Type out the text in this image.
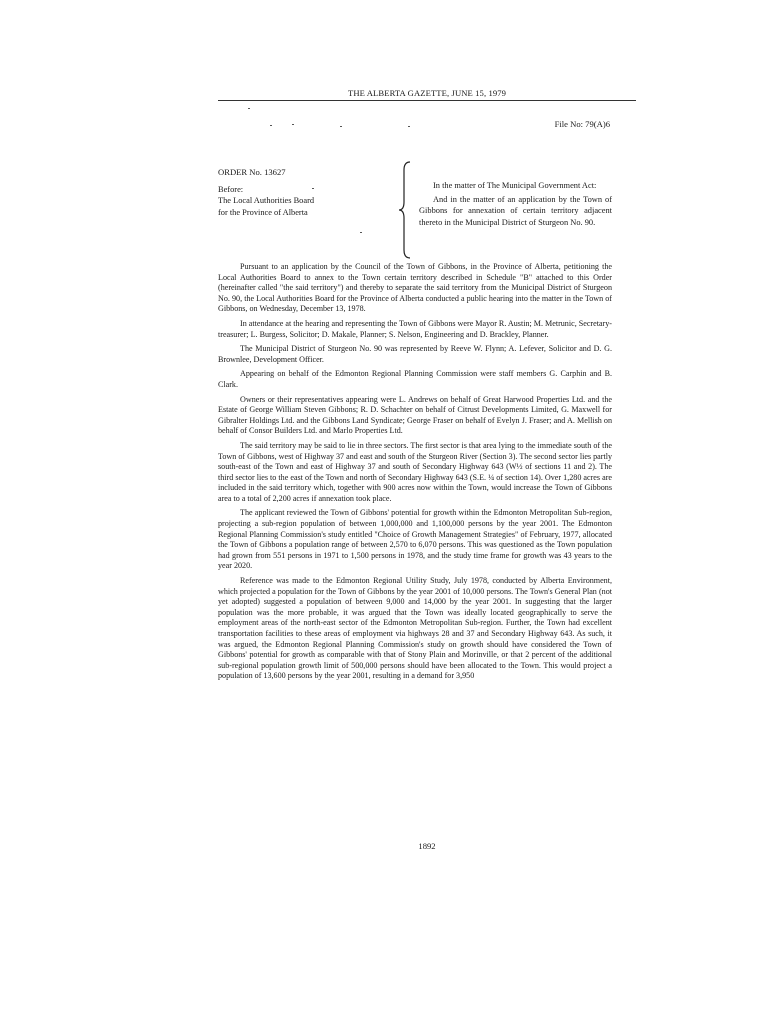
THE ALBERTA GAZETTE, JUNE 15, 1979
File No: 79(A)6
ORDER No. 13627
Before:
The Local Authorities Board
for the Province of Alberta

In the matter of The Municipal Government Act:

And in the matter of an application by the Town of Gibbons for annexation of certain territory adjacent thereto in the Municipal District of Sturgeon No. 90.

Pursuant to an application by the Council of the Town of Gibbons, in the Province of Alberta, petitioning the Local Authorities Board to annex to the Town certain territory described in Schedule "B" attached to this Order (hereinafter called "the said territory") and thereby to separate the said territory from the Municipal District of Sturgeon No. 90, the Local Authorities Board for the Province of Alberta conducted a public hearing into the matter in the Town of Gibbons, on Wednesday, December 13, 1978.

In attendance at the hearing and representing the Town of Gibbons were Mayor R. Austin; M. Metrunic, Secretary-treasurer; L. Burgess, Solicitor; D. Makale, Planner; S. Nelson, Engineering and D. Brackley, Planner.

The Municipal District of Sturgeon No. 90 was represented by Reeve W. Flynn; A. Lefever, Solicitor and D. G. Brownlee, Development Officer.

Appearing on behalf of the Edmonton Regional Planning Commission were staff members G. Carphin and B. Clark.

Owners or their representatives appearing were L. Andrews on behalf of Great Harwood Properties Ltd. and the Estate of George William Steven Gibbons; R. D. Schachter on behalf of Citrust Developments Limited, G. Maxwell for Gibralter Holdings Ltd. and the Gibbons Land Syndicate; George Fraser on behalf of Evelyn J. Fraser; and A. Mellish on behalf of Consor Builders Ltd. and Marlo Properties Ltd.

The said territory may be said to lie in three sectors. The first sector is that area lying to the immediate south of the Town of Gibbons, west of Highway 37 and east and south of the Sturgeon River (Section 3). The second sector lies partly south-east of the Town and east of Highway 37 and south of Secondary Highway 643 (W½ of sections 11 and 2). The third sector lies to the east of the Town and north of Secondary Highway 643 (S.E. ¼ of section 14). Over 1,280 acres are included in the said territory which, together with 900 acres now within the Town, would increase the Town of Gibbons area to a total of 2,200 acres if annexation took place.

The applicant reviewed the Town of Gibbons' potential for growth within the Edmonton Metropolitan Sub-region, projecting a sub-region population of between 1,000,000 and 1,100,000 persons by the year 2001. The Edmonton Regional Planning Commission's study entitled "Choice of Growth Management Strategies" of February, 1977, allocated the Town of Gibbons a population range of between 2,570 to 6,070 persons. This was questioned as the Town population had grown from 551 persons in 1971 to 1,500 persons in 1978, and the study time frame for growth was 43 years to the year 2020.

Reference was made to the Edmonton Regional Utility Study, July 1978, conducted by Alberta Environment, which projected a population for the Town of Gibbons by the year 2001 of 10,000 persons. The Town's General Plan (not yet adopted) suggested a population of between 9,000 and 14,000 by the year 2001. In suggesting that the larger population was the more probable, it was argued that the Town was ideally located geographically to serve the employment areas of the north-east sector of the Edmonton Metropolitan Sub-region. Further, the Town had excellent transportation facilities to these areas of employment via highways 28 and 37 and Secondary Highway 643. As such, it was argued, the Edmonton Regional Planning Commission's study on growth should have considered the Town of Gibbons' potential for growth as comparable with that of Stony Plain and Morinville, or that 2 percent of the additional sub-regional population growth limit of 500,000 persons should have been allocated to the Town. This would project a population of 13,600 persons by the year 2001, resulting in a demand for 3,950

1892
